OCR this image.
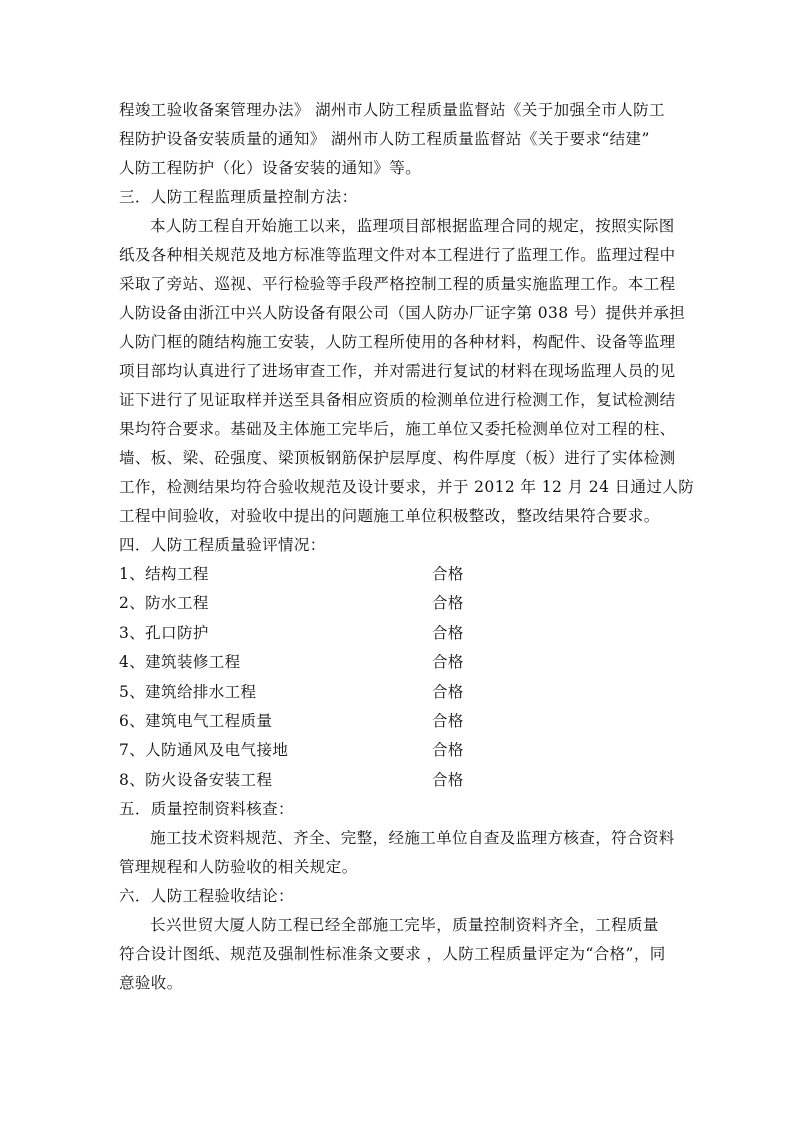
程竣工验收备案管理办法》 湖州市人防工程质量监督站《关于加强全市人防工
程防护设备安装质量的通知》 湖州市人防工程质量监督站《关于要求“结建”
人防工程防护（化）设备安装的通知》等。
三．人防工程监理质量控制方法：
本人防工程自开始施工以来，监理项目部根据监理合同的规定，按照实际图
纸及各种相关规范及地方标准等监理文件对本工程进行了监理工作。监理过程中
采取了旁站、巡视、平行检验等手段严格控制工程的质量实施监理工作。本工程
人防设备由浙江中兴人防设备有限公司（国人防办厂证字第 038 号）提供并承担
人防门框的随结构施工安装，人防工程所使用的各种材料，构配件、设备等监理
项目部均认真进行了进场审查工作，并对需进行复试的材料在现场监理人员的见
证下进行了见证取样并送至具备相应资质的检测单位进行检测工作，复试检测结
果均符合要求。基础及主体施工完毕后，施工单位又委托检测单位对工程的柱、
墙、板、梁、砼强度、梁顶板钢筋保护层厚度、构件厚度（板）进行了实体检测
工作，检测结果均符合验收规范及设计要求，并于 2012 年 12 月 24 日通过人防
工程中间验收，对验收中提出的问题施工单位积极整改，整改结果符合要求。
四．人防工程质量验评情况：
1、结构工程	合格
2、防水工程	合格
3、孔口防护	合格
4、建筑装修工程	合格
5、建筑给排水工程	合格
6、建筑电气工程质量	合格
7、人防通风及电气接地	合格
8、防火设备安装工程	合格
五．质量控制资料核查：
施工技术资料规范、齐全、完整，经施工单位自查及监理方核查，符合资料
管理规程和人防验收的相关规定。
六．人防工程验收结论：
长兴世贸大厦人防工程已经全部施工完毕，质量控制资料齐全，工程质量
符合设计图纸、规范及强制性标准条文要求 ，人防工程质量评定为“合格”，同
意验收。
